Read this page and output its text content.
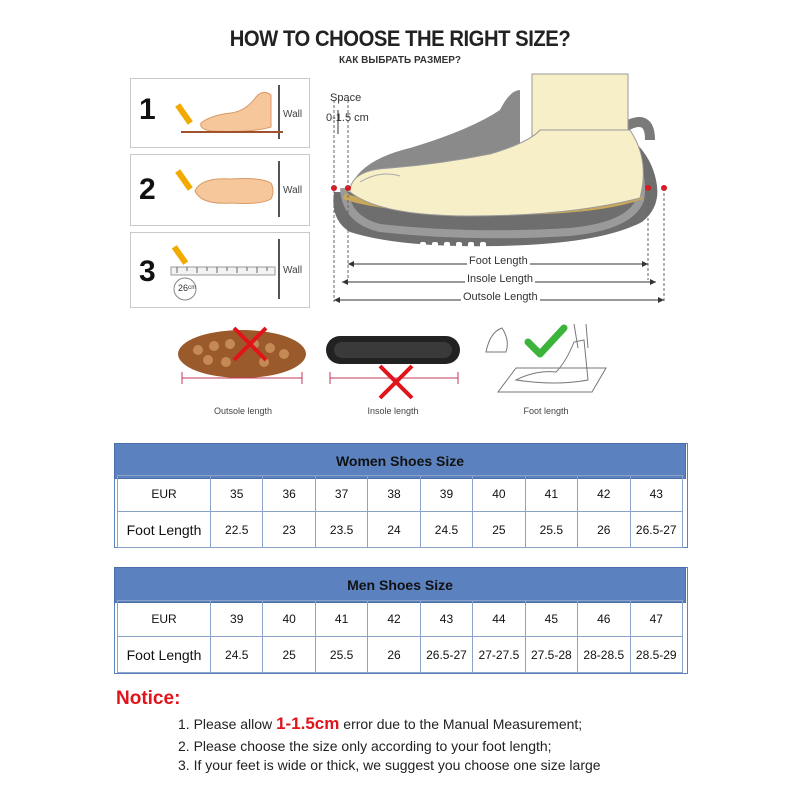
HOW TO CHOOSE THE RIGHT SIZE?
КАК ВЫБРАТЬ РАЗМЕР?
1	Wall
2	Wall
3 26ᶜᵐ
Wall
Space
0-1.5 cm
Foot Length
Insole Length
Outsole Length
Outsole length	Insole length	Foot length
Women Shoes Size
EUR	35	36	37	38	39	40	41	42	43
Foot Length	22.5	23	23.5	24	24.5	25	25.5	26	26.5-27
Men Shoes Size
EUR	39	40	41	42	43	44	45	46	47
Foot Length	24.5	25	25.5	26	26.5-27	27-27.5	27.5-28	28-28.5	28.5-29
Notice:
1. Please allow 1-1.5cm error due to the Manual Measurement;
2. Please choose the size only according to your foot length;
3. If your feet is wide or thick, we suggest you choose one size large
